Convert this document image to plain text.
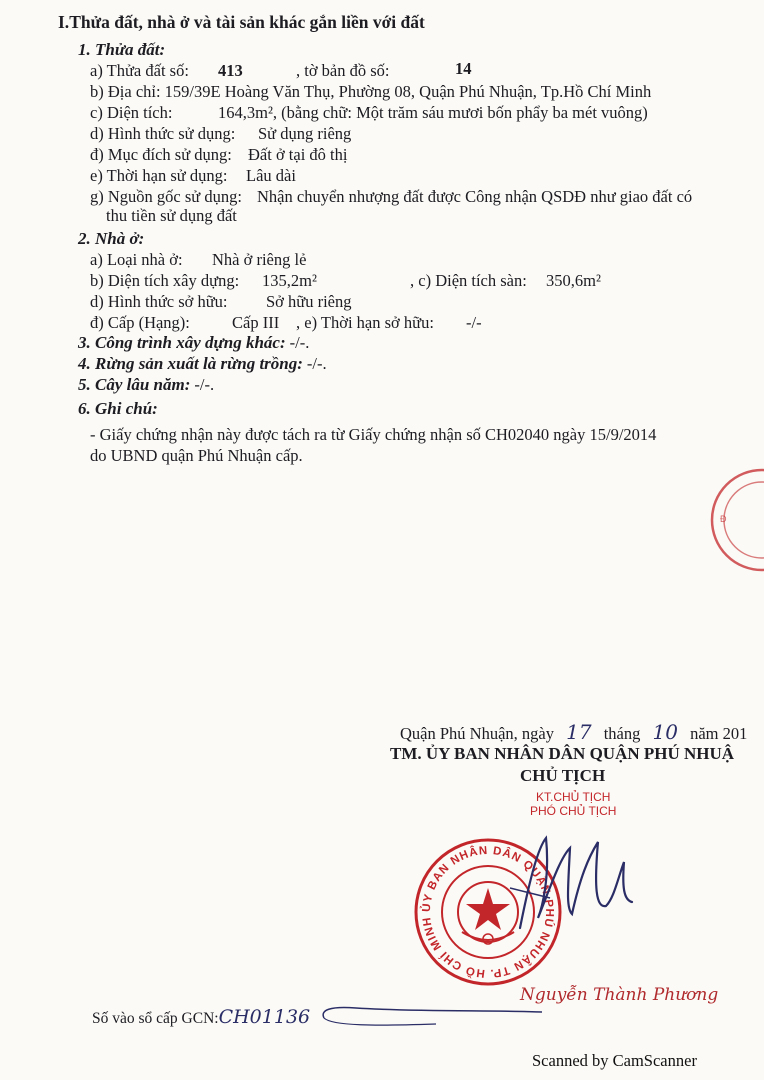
I.Thửa đất, nhà ở và tài sản khác gắn liền với đất
1. Thửa đất:
a) Thửa đất số: 413	, tờ bản đồ số:	14
b) Địa chỉ: 159/39E Hoàng Văn Thụ, Phường 08, Quận Phú Nhuận, Tp.Hồ Chí Minh
c) Diện tích:	164,3m², (bằng chữ: Một trăm sáu mươi bốn phẩy ba mét vuông)
d) Hình thức sử dụng: Sử dụng riêng
đ) Mục đích sử dụng: Đất ở tại đô thị
e) Thời hạn sử dụng: Lâu dài
g) Nguồn gốc sử dụng: Nhận chuyển nhượng đất được Công nhận QSDĐ như giao đất có
thu tiền sử dụng đất
2. Nhà ở:
a) Loại nhà ở: Nhà ở riêng lẻ
b) Diện tích xây dựng: 135,2m²	, c) Diện tích sàn: 350,6m²
d) Hình thức sở hữu: Sở hữu riêng
đ) Cấp (Hạng):	Cấp III , e) Thời hạn sở hữu: -/-
3. Công trình xây dựng khác: -/-.
4. Rừng sản xuất là rừng trồng: -/-.
5. Cây lâu năm: -/-.
6. Ghi chú:
- Giấy chứng nhận này được tách ra từ Giấy chứng nhận số CH02040 ngày 15/9/2014
do UBND quận Phú Nhuận cấp.
Đ
Quận Phú Nhuận, ngày 17 tháng 10 năm 201
TM. ỦY BAN NHÂN DÂN QUẬN PHÚ NHUẬ
CHỦ TỊCH
KT.CHỦ TỊCH
PHÓ CHỦ TỊCH
ỦY BAN NHÂN DÂN QUẬN PHÚ NHUẬN TP. HỒ CHÍ MINH
Nguyễn Thành Phương
Số vào sổ cấp GCN:CH01136
Scanned by CamScanner
